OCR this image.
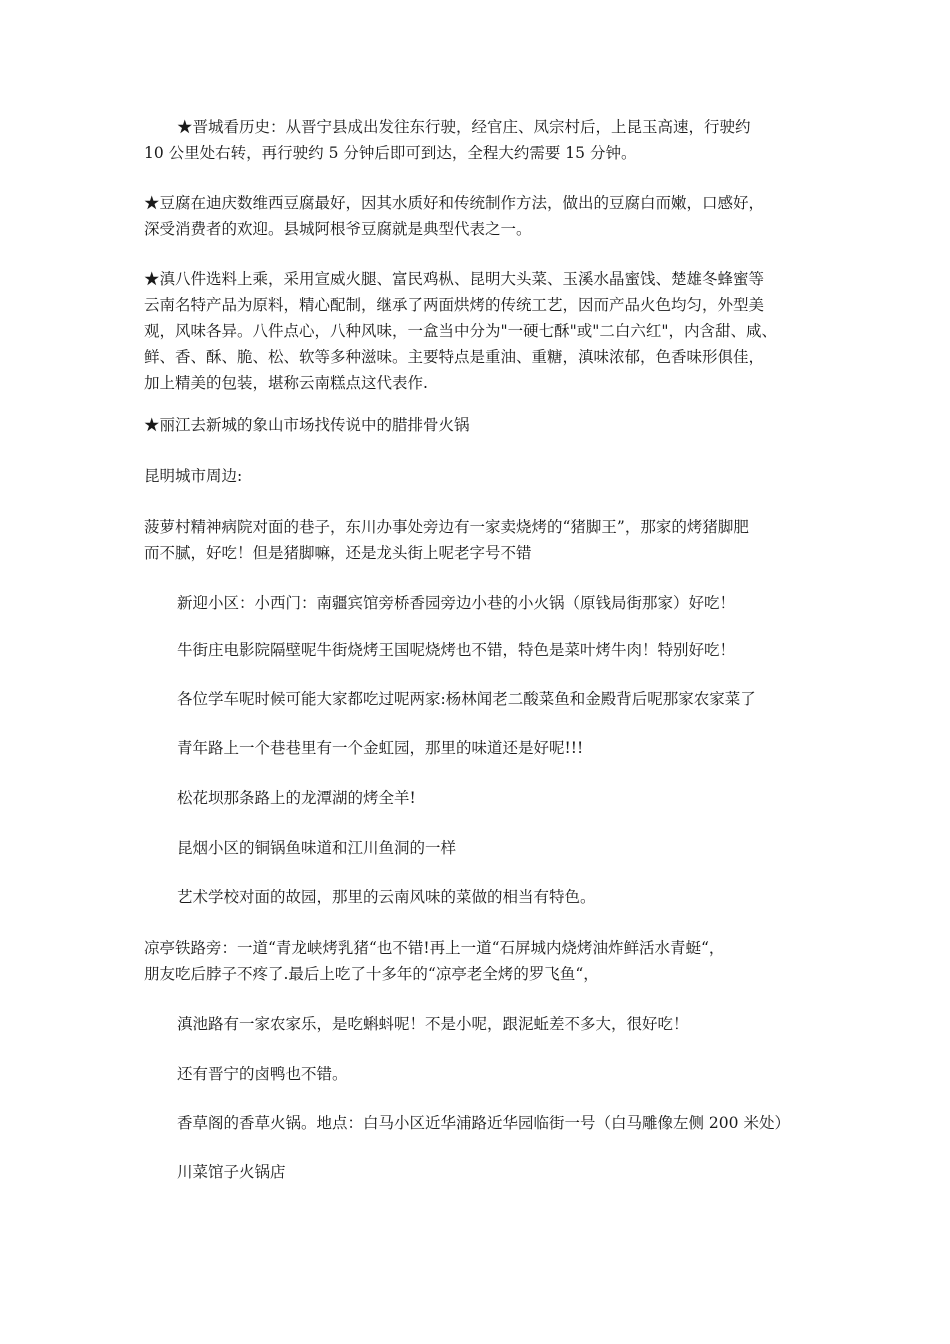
★晋城看历史：从晋宁县成出发往东行驶，经官庄、凤宗村后，上昆玉高速，行驶约
10 公里处右转，再行驶约 5 分钟后即可到达，全程大约需要 15 分钟。
★豆腐在迪庆数维西豆腐最好，因其水质好和传统制作方法，做出的豆腐白而嫩，口感好，
深受消费者的欢迎。县城阿根爷豆腐就是典型代表之一。
★滇八件选料上乘，采用宣威火腿、富民鸡枞、昆明大头菜、玉溪水晶蜜饯、楚雄冬蜂蜜等
云南名特产品为原料，精心配制，继承了两面烘烤的传统工艺，因而产品火色均匀，外型美
观，风味各异。八件点心，八种风味，一盒当中分为"一硬七酥"或"二白六红"，内含甜、咸、
鲜、香、酥、脆、松、软等多种滋味。主要特点是重油、重糖，滇味浓郁，色香味形俱佳，
加上精美的包装，堪称云南糕点这代表作.
★丽江去新城的象山市场找传说中的腊排骨火锅
昆明城市周边:
菠萝村精神病院对面的巷子，东川办事处旁边有一家卖烧烤的“猪脚王”，那家的烤猪脚肥
而不腻，好吃！但是猪脚嘛，还是龙头街上呢老字号不错
新迎小区：小西门：南疆宾馆旁桥香园旁边小巷的小火锅（原钱局街那家）好吃！
牛街庄电影院隔壁呢牛街烧烤王国呢烧烤也不错，特色是菜叶烤牛肉！特别好吃！
各位学车呢时候可能大家都吃过呢两家:杨林闻老二酸菜鱼和金殿背后呢那家农家菜了
青年路上一个巷巷里有一个金虹园，那里的味道还是好呢!!!
松花坝那条路上的龙潭湖的烤全羊!
昆烟小区的铜锅鱼味道和江川鱼洞的一样
艺术学校对面的故园，那里的云南风味的菜做的相当有特色。
凉亭铁路旁：一道“青龙峡烤乳猪“也不错!再上一道“石屏城内烧烤油炸鲜活水青蜓“，
朋友吃后脖子不疼了.最后上吃了十多年的“凉亭老全烤的罗飞鱼“，
滇池路有一家农家乐，是吃蝌蚪呢！不是小呢，跟泥蚯差不多大，很好吃！
还有晋宁的卤鸭也不错。
香草阁的香草火锅。地点：白马小区近华浦路近华园临街一号（白马雕像左侧 200 米处）
川菜馆子火锅店
